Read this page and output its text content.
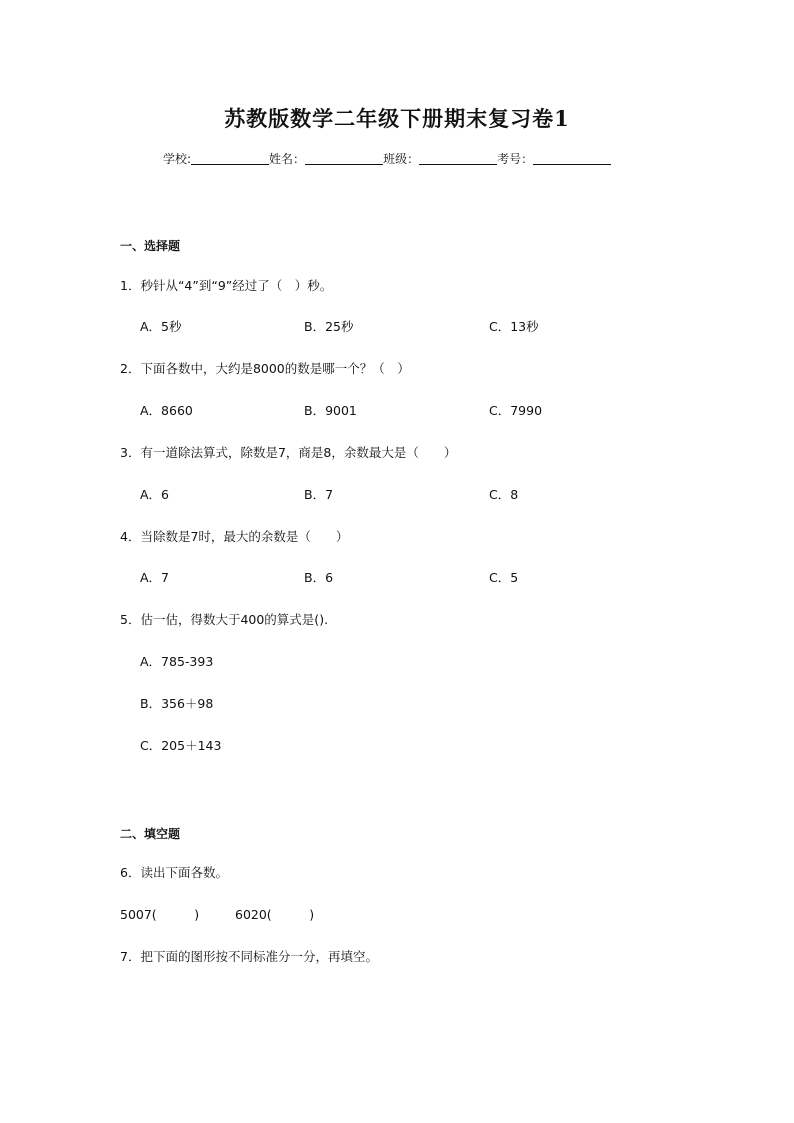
苏教版数学二年级下册期末复习卷1
学校:	姓名：	班级：	考号：
一、选择题
1．秒针从“4”到“9”经过了（　）秒。
A．5秒	B．25秒	C．13秒
2．下面各数中，大约是8000的数是哪一个？（　）
A．8660	B．9001	C．7990
3．有一道除法算式，除数是7，商是8，余数最大是（　　）
A．6	B．7	C．8
4．当除数是7时，最大的余数是（　　）
A．7	B．6	C．5
5．估一估，得数大于400的算式是().
A．785-393
B．356＋98
C．205＋143
二、填空题
6．读出下面各数。
5007(　　　)	6020(　　　)
7．把下面的图形按不同标准分一分，再填空。
